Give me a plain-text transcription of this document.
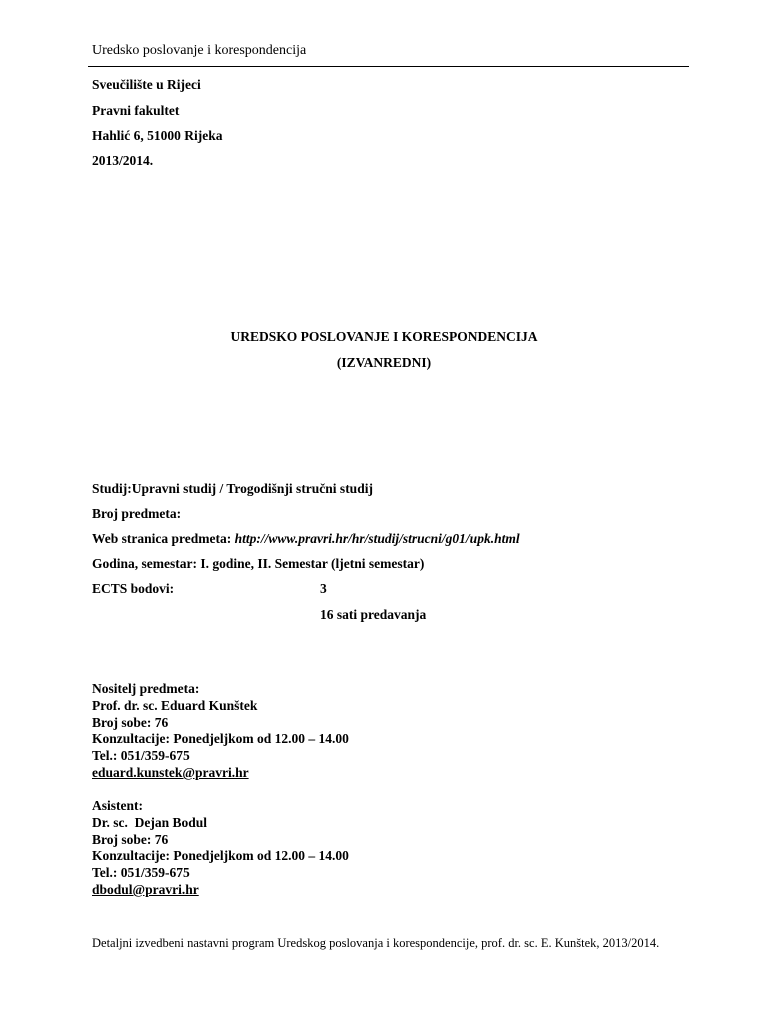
Uredsko poslovanje i korespondencija
Sveučilište u Rijeci
Pravni fakultet
Hahlić 6, 51000 Rijeka
2013/2014.
UREDSKO POSLOVANJE I KORESPONDENCIJA
(IZVANREDNI)
Studij:Upravni studij / Trogodišnji stručni studij
Broj predmeta:
Web stranica predmeta: http://www.pravri.hr/hr/studij/strucni/g01/upk.html
Godina, semestar: I. godine, II. Semestar (ljetni semestar)
ECTS bodovi:	3
16 sati predavanja
Nositelj predmeta:
Prof. dr. sc. Eduard Kunštek
Broj sobe: 76
Konzultacije: Ponedjeljkom od 12.00 – 14.00
Tel.: 051/359-675
eduard.kunstek@pravri.hr
Asistent:
Dr. sc.  Dejan Bodul
Broj sobe: 76
Konzultacije: Ponedjeljkom od 12.00 – 14.00
Tel.: 051/359-675
dbodul@pravri.hr
Detaljni izvedbeni nastavni program Uredskog poslovanja i korespondencije, prof. dr. sc. E. Kunštek, 2013/2014.
